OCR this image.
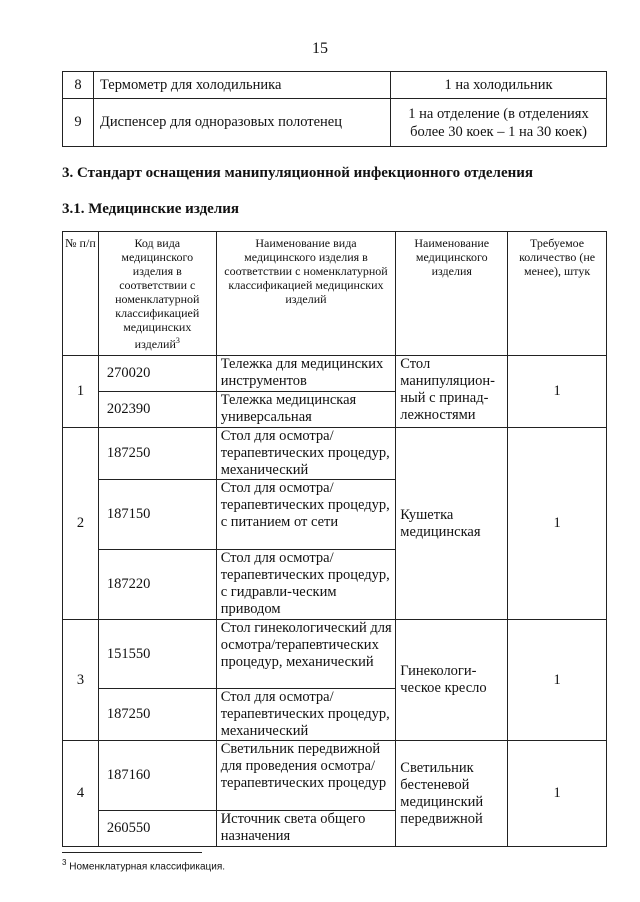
15
8	Термометр для холодильника	1 на холодильник
9	Диспенсер для одноразовых полотенец	1 на отделение (в отделениях более 30 коек – 1 на 30 коек)
3. Стандарт оснащения манипуляционной инфекционного отделения
3.1. Медицинские изделия
№ п/п	Код вида медицинского изделия в соответствии с номенклатурной классификацией медицинских изделий$^3$	Наименование вида медицинского изделия в соответствии с номенклатурной классификацией медицинских изделий	Наименование медицинского изделия	Требуемое количество (не менее), штук
1	270020	Тележка для медицинских инструментов	Стол манипуляцион-ный с принад-лежностями	1
	202390	Тележка медицинская универсальная		
2	187250	Стол для осмотра/терапевтических процедур, механический	Кушетка медицинская	1
	187150	Стол для осмотра/терапевтических процедур, с питанием от сети		
	187220	Стол для осмотра/терапевтических процедур, с гидравли-ческим приводом		
3	151550	Стол гинекологический для осмотра/терапевтических процедур, механический	Гинекологи-ческое кресло	1
	187250	Стол для осмотра/терапевтических процедур, механический		
4	187160	Светильник передвижной для проведения осмотра/терапевтических процедур	Светильник бестеневой медицинский передвижной	1
	260550	Источник света общего назначения		
$^3$ Номенклатурная классификация.
